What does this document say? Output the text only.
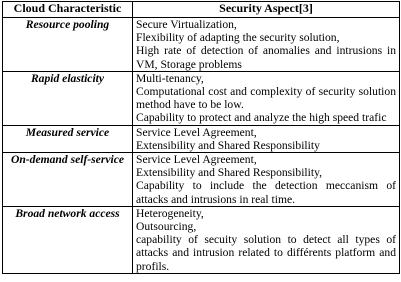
Cloud Characteristic	Security Aspect[3]
Resource pooling	Secure Virtualization,
Flexibility of adapting the security solution,
High rate of detection of anomalies and intrusions in VM, Storage problems

Rapid elasticity	Multi-tenancy,
Computational cost and complexity of security solution method have to be low.
Capability to protect and analyze the high speed trafic

Measured service	Service Level Agreement,
Extensibility and Shared Responsibility

On-demand self-service	Service Level Agreement,
Extensibility and Shared Responsibility,
Capability to include the detection meccanism of attacks and intrusions in real time.

Broad network access	Heterogeneity,
Outsourcing,
capability of secuity solution to detect all types of attacks and intrusion related to différents platform and profils.
